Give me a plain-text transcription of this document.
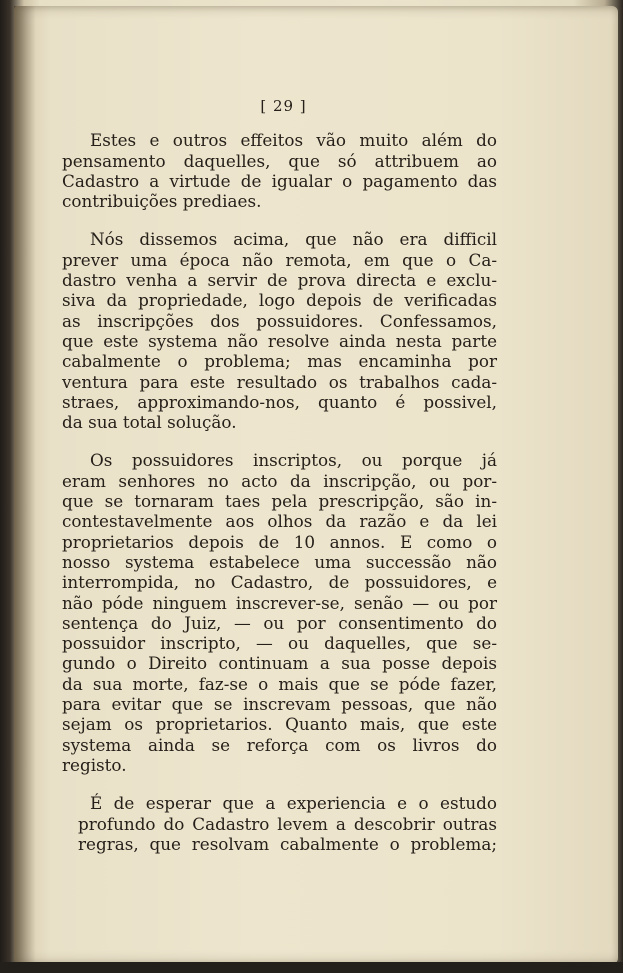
[ 29 ]
Estes e outros effeitos vão muito além do
pensamento daquelles, que só attribuem ao
Cadastro a virtude de igualar o pagamento das
contribuições prediaes.
Nós dissemos acima, que não era difficil
prever uma época não remota, em que o Ca-
dastro venha a servir de prova directa e exclu-
siva da propriedade, logo depois de verificadas
as inscripções dos possuidores. Confessamos,
que este systema não resolve ainda nesta parte
cabalmente o problema; mas encaminha por
ventura para este resultado os trabalhos cada-
straes, approximando-nos, quanto é possivel,
da sua total solução.
Os possuidores inscriptos, ou porque já
eram senhores no acto da inscripção, ou por-
que se tornaram taes pela prescripção, são in-
contestavelmente aos olhos da razão e da lei
proprietarios depois de 10 annos. E como o
nosso systema estabelece uma successão não
interrompida, no Cadastro, de possuidores, e
não póde ninguem inscrever-se, senão — ou por
sentença do Juiz, — ou por consentimento do
possuidor inscripto, — ou daquelles, que se-
gundo o Direito continuam a sua posse depois
da sua morte, faz-se o mais que se póde fazer,
para evitar que se inscrevam pessoas, que não
sejam os proprietarios. Quanto mais, que este
systema ainda se reforça com os livros do
registo.
É de esperar que a experiencia e o estudo
profundo do Cadastro levem a descobrir outras
regras, que resolvam cabalmente o problema;
